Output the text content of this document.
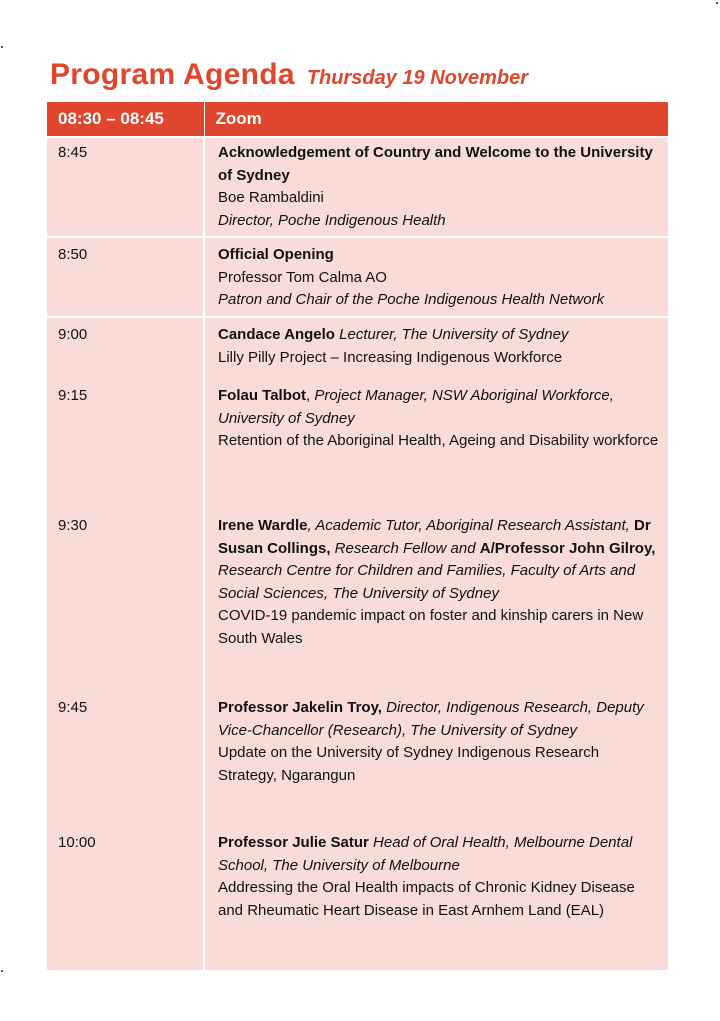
Program Agenda Thursday 19 November
08:30 – 08:45	Zoom
8:45	Acknowledgement of Country and Welcome to the University of Sydney
Boe Rambaldini
Director, Poche Indigenous Health

8:50	Official Opening
Professor Tom Calma AO
Patron and Chair of the Poche Indigenous Health Network

9:00	Candace Angelo Lecturer, The University of Sydney
Lilly Pilly Project – Increasing Indigenous Workforce

9:15	Folau Talbot, Project Manager, NSW Aboriginal Workforce, University of Sydney
Retention of the Aboriginal Health, Ageing and Disability workforce

9:30	Irene Wardle, Academic Tutor, Aboriginal Research Assistant, Dr Susan Collings, Research Fellow and A/Professor John Gilroy, Research Centre for Children and Families, Faculty of Arts and Social Sciences, The University of Sydney
COVID-19 pandemic impact on foster and kinship carers in New South Wales

9:45	Professor Jakelin Troy, Director, Indigenous Research, Deputy Vice-Chancellor (Research), The University of Sydney
Update on the University of Sydney Indigenous Research Strategy, Ngarangun

10:00	Professor Julie Satur Head of Oral Health, Melbourne Dental School, The University of Melbourne
Addressing the Oral Health impacts of Chronic Kidney Disease and Rheumatic Heart Disease in East Arnhem Land (EAL)
